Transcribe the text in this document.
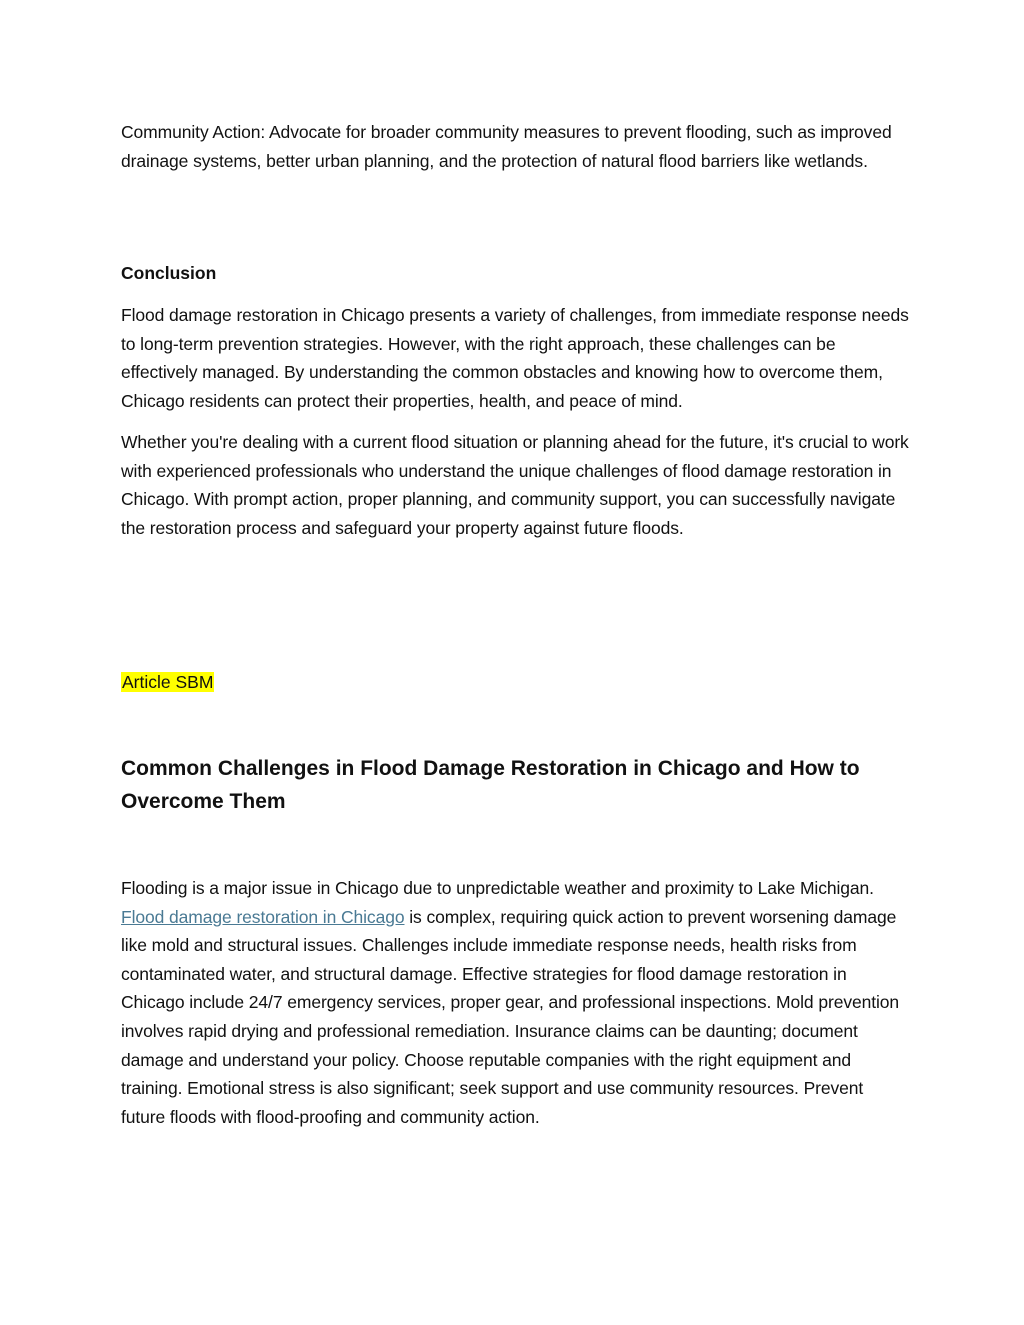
Community Action: Advocate for broader community measures to prevent flooding, such as improved drainage systems, better urban planning, and the protection of natural flood barriers like wetlands.

Conclusion

Flood damage restoration in Chicago presents a variety of challenges, from immediate response needs to long-term prevention strategies. However, with the right approach, these challenges can be effectively managed. By understanding the common obstacles and knowing how to overcome them, Chicago residents can protect their properties, health, and peace of mind.

Whether you're dealing with a current flood situation or planning ahead for the future, it's crucial to work with experienced professionals who understand the unique challenges of flood damage restoration in Chicago. With prompt action, proper planning, and community support, you can successfully navigate the restoration process and safeguard your property against future floods.

Article SBM

Common Challenges in Flood Damage Restoration in Chicago and How to Overcome Them

Flooding is a major issue in Chicago due to unpredictable weather and proximity to Lake Michigan. Flood damage restoration in Chicago is complex, requiring quick action to prevent worsening damage like mold and structural issues. Challenges include immediate response needs, health risks from contaminated water, and structural damage. Effective strategies for flood damage restoration in Chicago include 24/7 emergency services, proper gear, and professional inspections. Mold prevention involves rapid drying and professional remediation. Insurance claims can be daunting; document damage and understand your policy. Choose reputable companies with the right equipment and training. Emotional stress is also significant; seek support and use community resources. Prevent future floods with flood-proofing and community action.
